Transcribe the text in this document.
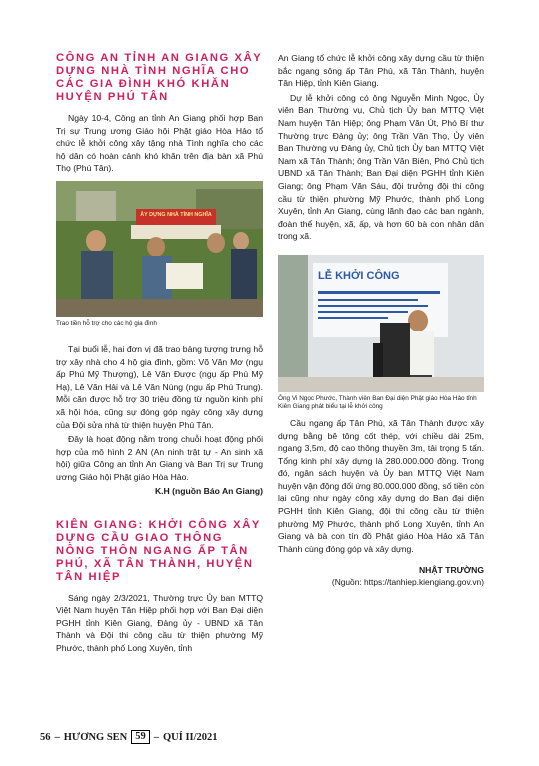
CÔNG AN TỈNH AN GIANG XÂY DỰNG NHÀ TÌNH NGHĨA CHO CÁC GIA ĐÌNH KHÓ KHĂN HUYỆN PHÚ TÂN

Ngày 10-4, Công an tỉnh An Giang phối hợp Ban Trị sự Trung ương Giáo hội Phật giáo Hòa Hảo tổ chức lễ khởi công xây tặng nhà Tình nghĩa cho các hộ dân có hoàn cảnh khó khăn trên địa bàn xã Phú Thọ (Phú Tân).

ÂY DỰNG NHÀ TÌNH NGHĨA

Trao tiền hỗ trợ cho các hộ gia đình

Tại buổi lễ, hai đơn vị đã trao bảng tượng trưng hỗ trợ xây nhà cho 4 hộ gia đình, gồm: Võ Văn Mơ (ngụ ấp Phú Mỹ Thượng), Lê Văn Được (ngụ ấp Phú Mỹ Hạ), Lê Văn Hải và Lê Văn Nùng (ngụ ấp Phú Trung). Mỗi căn được hỗ trợ 30 triệu đồng từ nguồn kinh phí xã hội hóa, cũng sự đóng góp ngày công xây dựng của Đội sửa nhà từ thiện huyện Phú Tân.

Đây là hoạt động nằm trong chuỗi hoạt động phối hợp của mô hình 2 AN (An ninh trật tự - An sinh xã hội) giữa Công an tỉnh An Giang và Ban Trị sự Trung ương Giáo hội Phật giáo Hòa Hảo.

K.H (nguồn Báo An Giang)

KIÊN GIANG: KHỞI CÔNG XÂY DỰNG CẦU GIAO THÔNG NÔNG THÔN NGANG ẤP TÂN PHÚ, XÃ TÂN THÀNH, HUYỆN TÂN HIỆP

Sáng ngày 2/3/2021, Thường trực Ủy ban MTTQ Việt Nam huyện Tân Hiệp phối hợp với Ban Đại diện PGHH tỉnh Kiên Giang, Đảng ủy - UBND xã Tân Thành và Đội thi công cầu từ thiện phường Mỹ Phước, thành phố Long Xuyên, tỉnh

An Giang tổ chức lễ khởi công xây dựng cầu từ thiện bắc ngang sông ấp Tân Phú, xã Tân Thành, huyện Tân Hiệp, tỉnh Kiên Giang.

Dự lễ khởi công có ông Nguyễn Minh Ngọc, Ủy viên Ban Thường vụ, Chủ tịch Ủy ban MTTQ Việt Nam huyện Tân Hiệp; ông Phạm Văn Út, Phó Bí thư Thường trực Đảng ủy; ông Trần Văn Thọ, Ủy viên Ban Thường vụ Đảng ủy, Chủ tịch Ủy ban MTTQ Việt Nam xã Tân Thành; ông Trần Văn Biên, Phó Chủ tịch UBND xã Tân Thành; Ban Đại diện PGHH tỉnh Kiên Giang; ông Phạm Văn Sáu, đội trưởng đội thi công cầu từ thiện phường Mỹ Phước, thành phố Long Xuyên, tỉnh An Giang, cùng lãnh đạo các ban ngành, đoàn thể huyện, xã, ấp, và hơn 60 bà con nhân dân trong xã.

LỄ KHỞI CÔNG

Ông Vi Ngọc Phước, Thành viên Ban Đại diện Phật giáo Hòa Hảo tỉnh Kiên Giang phát biểu tại lễ khởi công

Cầu ngang ấp Tân Phú, xã Tân Thành được xây dựng bằng bê tông cốt thép, với chiều dài 25m, ngang 3,5m, độ cao thông thuyền 3m, tải trọng 5 tấn. Tổng kinh phí xây dựng là 280.000.000 đồng. Trong đó, ngân sách huyện và Ủy ban MTTQ Việt Nam huyện vận động đối ứng 80.000.000 đồng, số tiền còn lại cũng như ngày công xây dựng do Ban đại diện PGHH tỉnh Kiên Giang, đội thi công cầu từ thiện phường Mỹ Phước, thành phố Long Xuyên, tỉnh An Giang và bà con tín đồ Phật giáo Hòa Hảo xã Tân Thành cùng đóng góp và xây dựng.

NHẬT TRƯỜNG

(Nguồn: https://tanhiep.kiengiang.gov.vn)

56 – HƯƠNG SEN 59 – QUÍ II/2021
